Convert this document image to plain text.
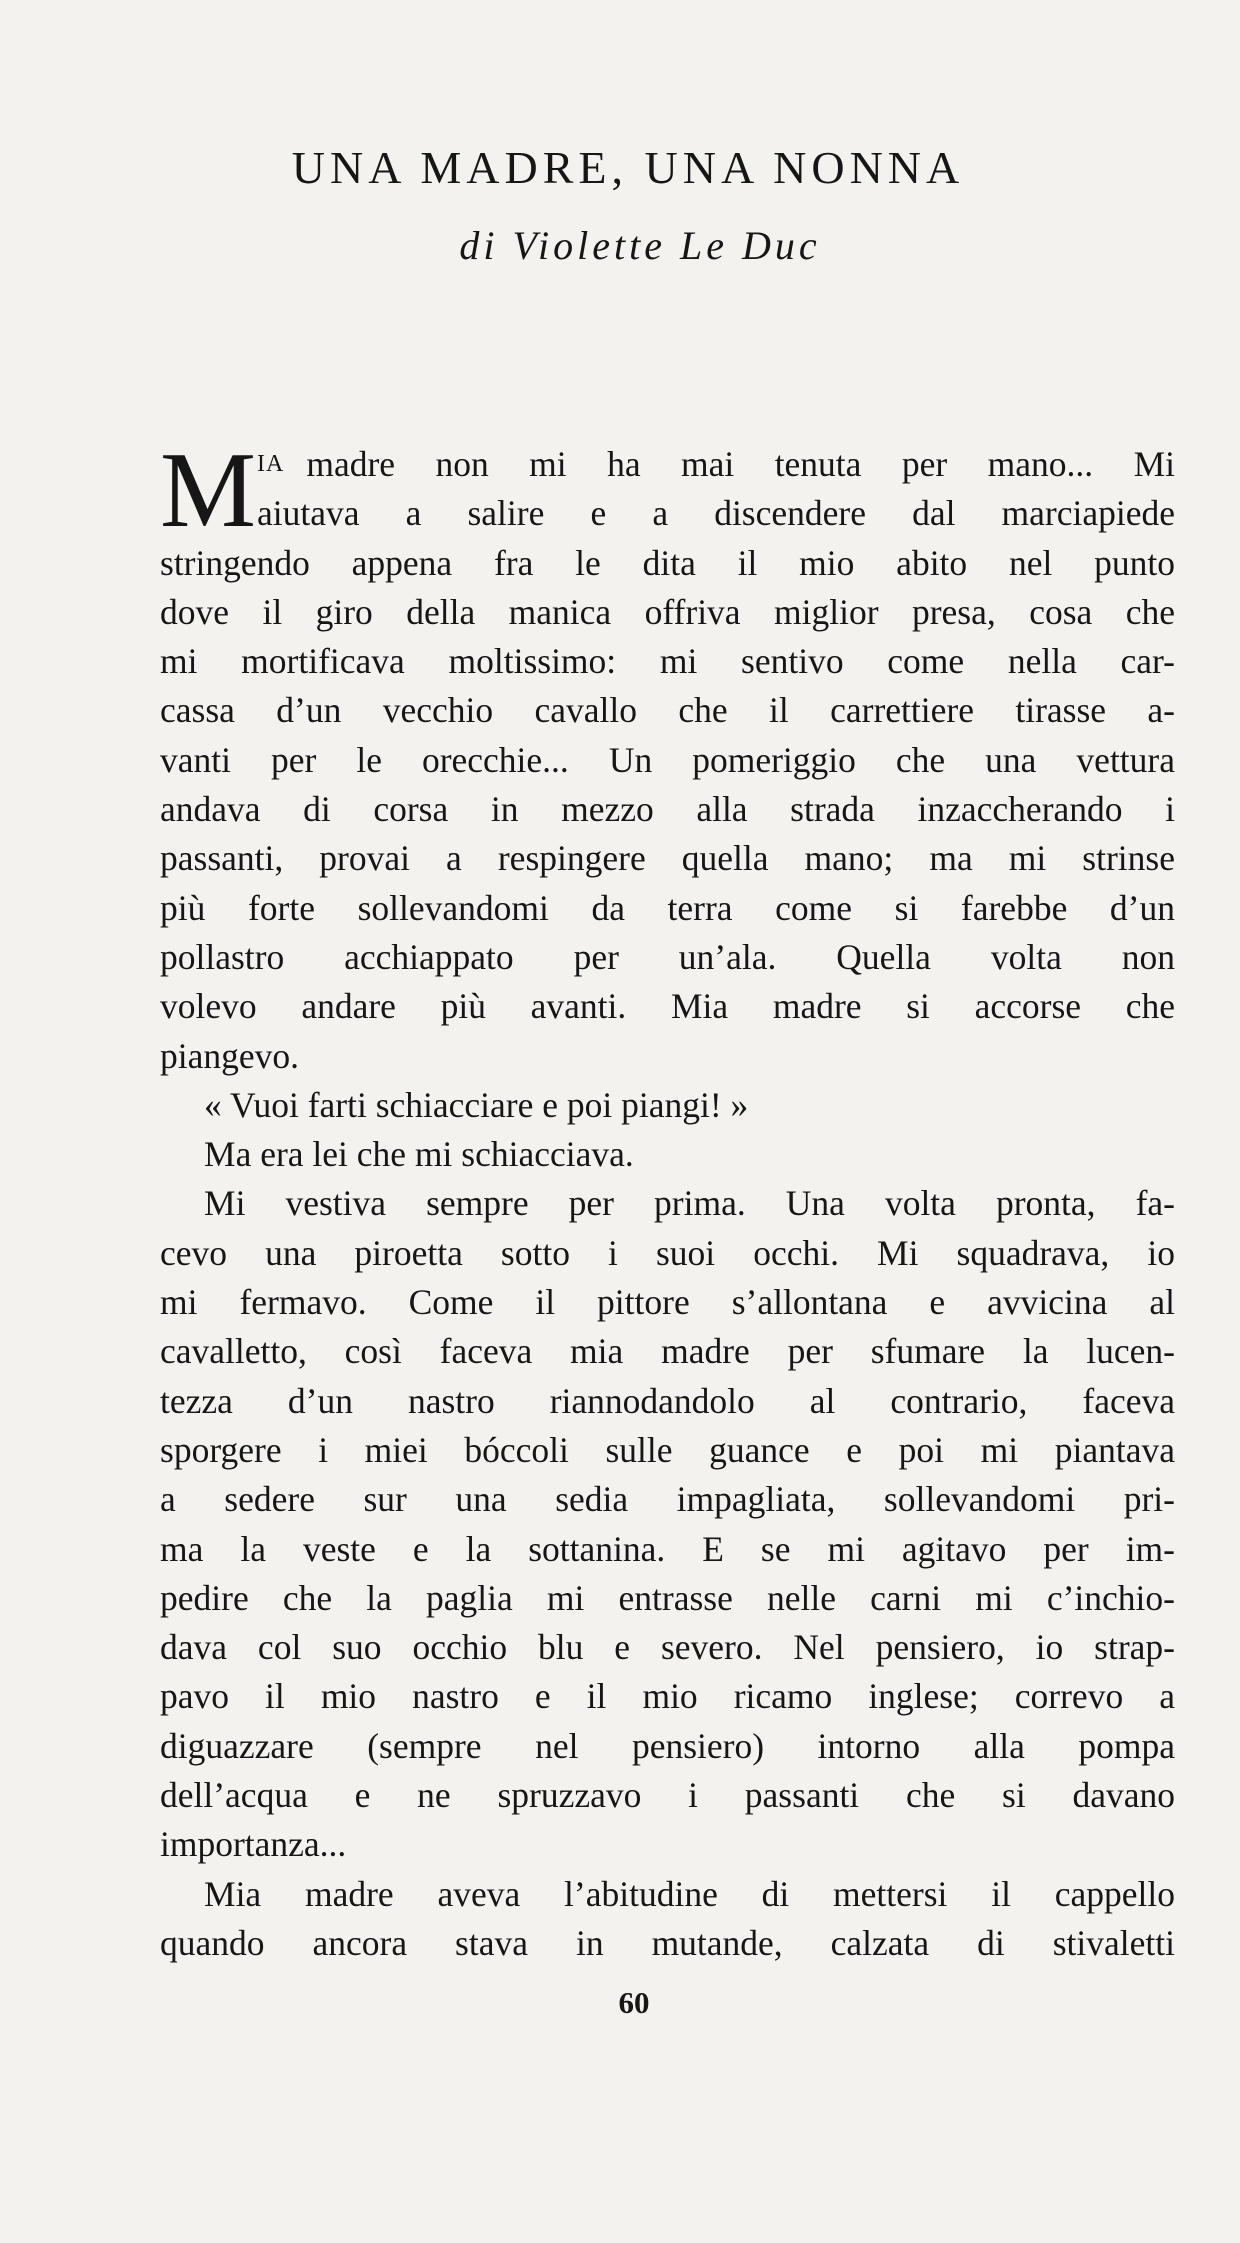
UNA MADRE, UNA NONNA
di Violette Le Duc
M IA madre non mi ha mai tenuta per mano... Mi
aiutava a salire e a discendere dal marciapiede
stringendo appena fra le dita il mio abito nel punto
dove il giro della manica offriva miglior presa, cosa che
mi mortificava moltissimo: mi sentivo come nella car-
cassa d’un vecchio cavallo che il carrettiere tirasse a-
vanti per le orecchie... Un pomeriggio che una vettura
andava di corsa in mezzo alla strada inzaccherando i
passanti, provai a respingere quella mano; ma mi strinse
più forte sollevandomi da terra come si farebbe d’un
pollastro acchiappato per un’ala. Quella volta non
volevo andare più avanti. Mia madre si accorse che
piangevo.
« Vuoi farti schiacciare e poi piangi! »
Ma era lei che mi schiacciava.
Mi vestiva sempre per prima. Una volta pronta, fa-
cevo una piroetta sotto i suoi occhi. Mi squadrava, io
mi fermavo. Come il pittore s’allontana e avvicina al
cavalletto, così faceva mia madre per sfumare la lucen-
tezza d’un nastro riannodandolo al contrario, faceva
sporgere i miei bóccoli sulle guance e poi mi piantava
a sedere sur una sedia impagliata, sollevandomi pri-
ma la veste e la sottanina. E se mi agitavo per im-
pedire che la paglia mi entrasse nelle carni mi c’inchio-
dava col suo occhio blu e severo. Nel pensiero, io strap-
pavo il mio nastro e il mio ricamo inglese; correvo a
diguazzare (sempre nel pensiero) intorno alla pompa
dell’acqua e ne spruzzavo i passanti che si davano
importanza...
Mia madre aveva l’abitudine di mettersi il cappello
quando ancora stava in mutande, calzata di stivaletti
60
